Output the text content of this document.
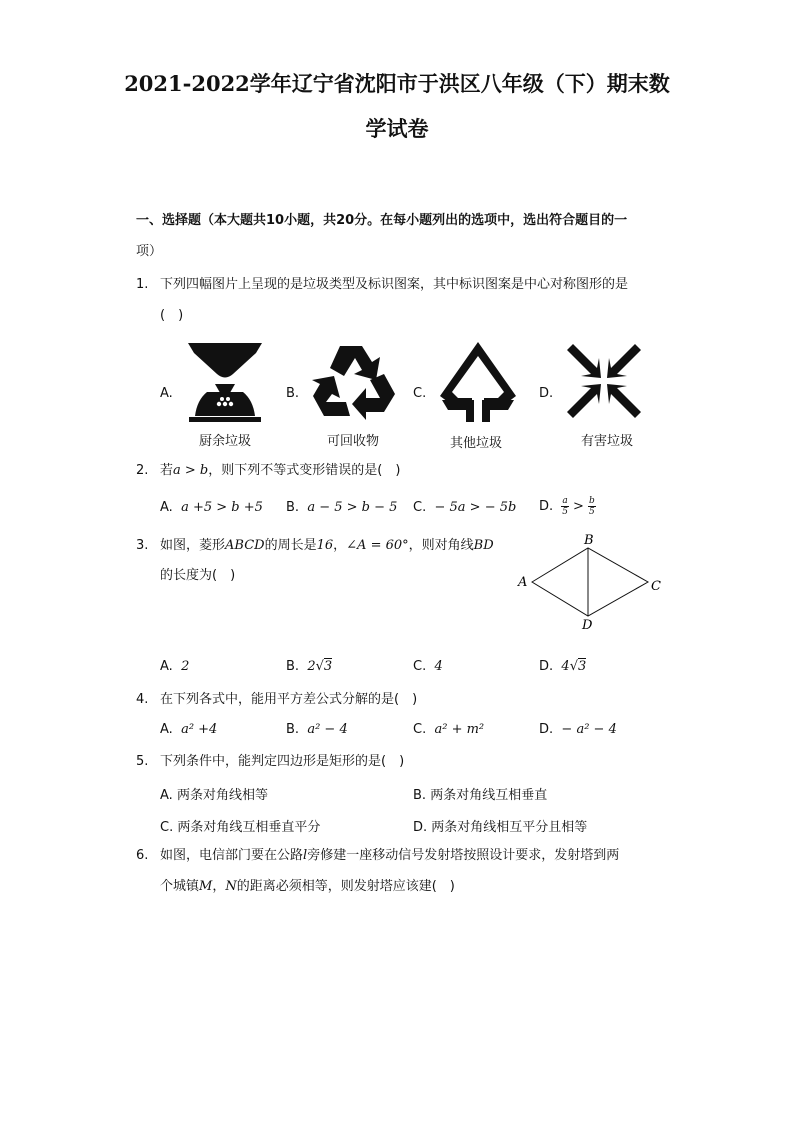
2021-2022学年辽宁省沈阳市于洪区八年级（下）期末数
学试卷
一、选择题（本大题共10小题，共20分。在每小题列出的选项中，选出符合题目的一
项）
1. 下列四幅图片上呈现的是垃圾类型及标识图案，其中标识图案是中心对称图形的是
(　)
A.	B.	C.	D.
厨余垃圾	可回收物	其他垃圾	有害垃圾
2. 若a > b，则下列不等式变形错误的是(　)
A. a +5 > b +5 B. a − 5 > b − 5 C. − 5a > − 5b D. $\frac{a}{5} > \frac{b}{5}$
3. 如图，菱形ABCD的周长是16，∠A = 60°，则对角线BD
的长度为(　)
B
A	C
D
A. 2	B. 2√3	C. 4	D. 4√3
4. 在下列各式中，能用平方差公式分解的是(　)
A. a² +4	B. a² − 4	C. a² + m²	D. − a² − 4
5. 下列条件中，能判定四边形是矩形的是(　)
A. 两条对角线相等	B. 两条对角线互相垂直
C. 两条对角线互相垂直平分	D. 两条对角线相互平分且相等
6. 如图，电信部门要在公路l旁修建一座移动信号发射塔按照设计要求，发射塔到两
个城镇M，N的距离必须相等，则发射塔应该建(　)
